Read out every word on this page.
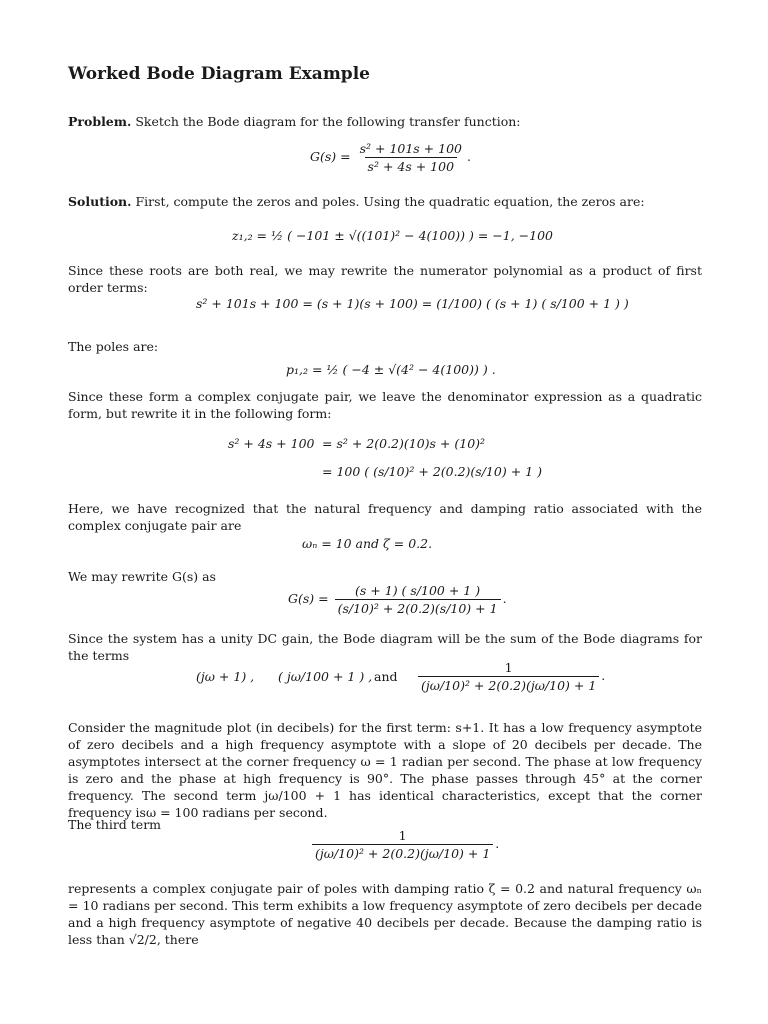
Worked Bode Diagram Example
Problem. Sketch the Bode diagram for the following transfer function:
$G(s) = \frac{\text{s² + 101s + 100}}{\text{s² + 4s + 100}}$ .
Solution. First, compute the zeros and poles. Using the quadratic equation, the zeros are:
z₁,₂ = ½ ( −101 ± √((101)² − 4(100)) ) = −1, −100
Since these roots are both real, we may rewrite the numerator polynomial as a product of first order terms:
s² + 101s + 100 = (s + 1)(s + 100) = (1/100) ( (s + 1) ( s/100 + 1 ) )
The poles are:
p₁,₂ = ½ ( −4 ± √(4² − 4(100)) ) .
Since these form a complex conjugate pair, we leave the denominator expression as a quadratic form, but rewrite it in the following form:
s² + 4s + 100 = s² + 2(0.2)(10)s + (10)²
= 100 ( (s/10)² + 2(0.2)(s/10) + 1 )
Here, we have recognized that the natural frequency and damping ratio associated with the complex conjugate pair are
ωₙ = 10 and ζ = 0.2.
We may rewrite G(s) as
$G(s) = \frac{(s + 1) ( s/100 + 1 )}{\text{(s/10)² + 2(0.2)(s/10) + 1}}$ .
Since the system has a unity DC gain, the Bode diagram will be the sum of the Bode diagrams for the terms
(jω + 1) , ( jω/100 + 1 ) , and $\frac{1}{\text{(jω/10)² + 2(0.2)(jω/10) + 1}}$ .
Consider the magnitude plot (in decibels) for the first term: s+1. It has a low frequency asymptote of zero decibels and a high frequency asymptote with a slope of 20 decibels per decade. The asymptotes intersect at the corner frequency ω = 1 radian per second. The phase at low frequency is zero and the phase at high frequency is 90°. The phase passes through 45° at the corner frequency. The second term jω/100 + 1 has identical characteristics, except that the corner frequency isω = 100 radians per second.
The third term
$\frac{1}{\text{(jω/10)² + 2(0.2)(jω/10) + 1}}$ .
represents a complex conjugate pair of poles with damping ratio ζ = 0.2 and natural frequency ωₙ = 10 radians per second. This term exhibits a low frequency asymptote of zero decibels per decade and a high frequency asymptote of negative 40 decibels per decade. Because the damping ratio is less than √2/2, there
